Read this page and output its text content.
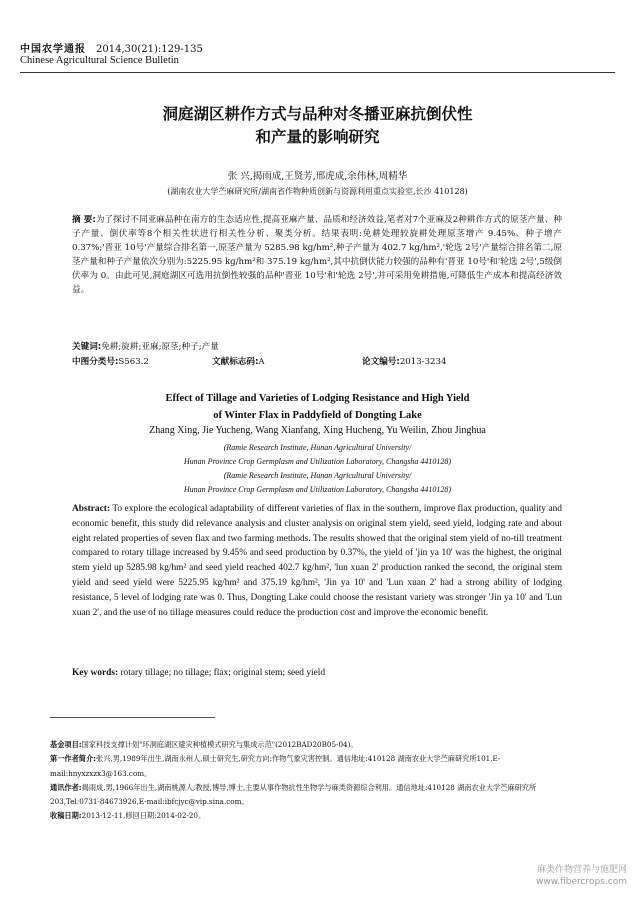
中国农学通报 2014,30(21):129-135
Chinese Agricultural Science Bulletin
洞庭湖区耕作方式与品种对冬播亚麻抗倒伏性
和产量的影响研究
张 兴,揭雨成,王贤芳,邢虎成,余伟林,周精华
(湖南农业大学苎麻研究所/湖南省作物种质创新与资源利用重点实验室,长沙 410128)
摘 要:为了探讨不同亚麻品种在南方的生态适应性,提高亚麻产量、品质和经济效益,笔者对7个亚麻及2种耕作方式的原茎产量、种子产量、倒伏率等8个相关性状进行相关性分析、聚类分析。结果表明:免耕处理较旋耕处理原茎增产 9.45%、种子增产 0.37%;'晋亚 10号'产量综合排名第一,原茎产量为 5285.98 kg/hm²,种子产量为 402.7 kg/hm²,'轮选 2号'产量综合排名第二,原茎产量和种子产量依次分别为:5225.95 kg/hm²和 375.19 kg/hm²,其中抗倒伏能力较强的品种有'晋亚 10号'和'轮选 2号',5级倒伏率为 0。由此可见,洞庭湖区可选用抗倒性较强的品种'晋亚 10号'和'轮选 2号',并可采用免耕措施,可降低生产成本和提高经济效益。
关键词:免耕;旋耕;亚麻;原茎;种子;产量
中图分类号:S563.2	文献标志码:A	论文编号:2013-3234
Effect of Tillage and Varieties of Lodging Resistance and High Yield
of Winter Flax in Paddyfield of Dongting Lake
Zhang Xing, Jie Yucheng, Wang Xianfang, Xing Hucheng, Yu Weilin, Zhou Jinghua
(Ramie Research Institute, Hunan Agricultural University/
Hunan Province Crop Germplasm and Utilization Laboratory, Changsha 4410128)
(Ramie Research Institute, Hunan Agricultural University/
Hunan Province Crop Germplasm and Utilization Laboratory, Changsha 4410128)
Abstract: To explore the ecological adaptability of different varieties of flax in the southern, improve flax production, quality and economic benefit, this study did relevance analysis and cluster analysis on original stem yield, seed yield, lodging rate and about eight related properties of seven flax and two farming methods. The results showed that the original stem yield of no-till treatment compared to rotary tillage increased by 9.45% and seed production by 0.37%, the yield of 'jin ya 10' was the highest, the original stem yield up 5285.98 kg/hm² and seed yield reached 402.7 kg/hm², 'lun xuan 2' production ranked the second, the original stem yield and seed yield were 5225.95 kg/hm² and 375.19 kg/hm², 'Jin ya 10' and 'Lun xuan 2' had a strong ability of lodging resistance, 5 level of lodging rate was 0. Thus, Dongting Lake could choose the resistant variety was stronger 'Jin ya 10' and 'Lun xuan 2', and the use of no tillage measures could reduce the production cost and improve the economic benefit.
Key words: rotary tillage; no tillage; flax; original stem; seed yield

基金项目:国家科技支撑计划"环洞庭湖区避灾种植模式研究与集成示范"(2012BAD20B05-04)。

第一作者简介:张兴,男,1989年出生,湖南永州人,硕士研究生,研究方向:作物气象灾害控制。通信地址:410128 湖南农业大学苎麻研究所101,E-mail:hnyxzxzx3@163.com。

通讯作者:揭雨成,男,1966年出生,湖南桃源人,教授,博导,博士,主要从事作物抗性生物学与麻类资源综合利用。通信地址:410128 湖南农业大学苎麻研究所203,Tel:0731-84673926,E-mail:ibfcjyc@vip.sina.com。

收稿日期:2013-12-11,修回日期:2014-02-20。

麻类作物营养与施肥网
www.fibercrops.com
